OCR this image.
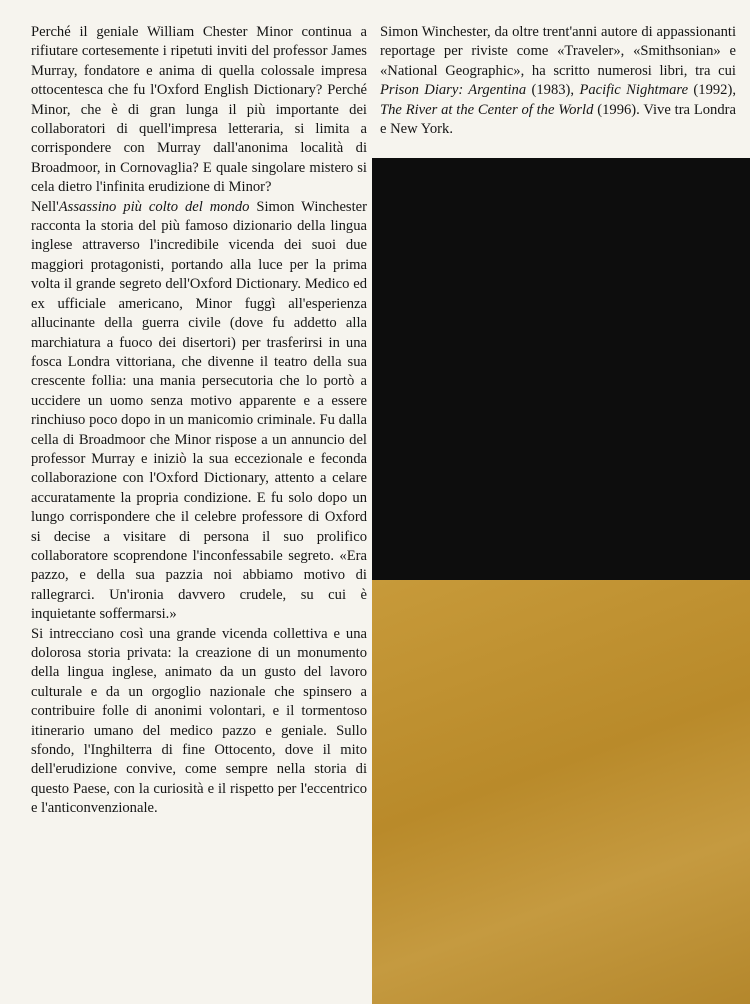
Perché il geniale William Chester Minor continua a rifiutare cortesemente i ripetuti inviti del professor James Murray, fondatore e anima di quella colossale impresa ottocentesca che fu l'Oxford English Dictionary? Perché Minor, che è di gran lunga il più importante dei collaboratori di quell'impresa letteraria, si limita a corrispondere con Murray dall'anonima località di Broadmoor, in Cornovaglia? E quale singolare mistero si cela dietro l'infinita erudizione di Minor?

Nell'Assassino più colto del mondo Simon Winchester racconta la storia del più famoso dizionario della lingua inglese attraverso l'incredibile vicenda dei suoi due maggiori protagonisti, portando alla luce per la prima volta il grande segreto dell'Oxford Dictionary. Medico ed ex ufficiale americano, Minor fuggì all'esperienza allucinante della guerra civile (dove fu addetto alla marchiatura a fuoco dei disertori) per trasferirsi in una fosca Londra vittoriana, che divenne il teatro della sua crescente follia: una mania persecutoria che lo portò a uccidere un uomo senza motivo apparente e a essere rinchiuso poco dopo in un manicomio criminale. Fu dalla cella di Broadmoor che Minor rispose a un annuncio del professor Murray e iniziò la sua eccezionale e feconda collaborazione con l'Oxford Dictionary, attento a celare accuratamente la propria condizione. E fu solo dopo un lungo corrispondere che il celebre professore di Oxford si decise a visitare di persona il suo prolifico collaboratore scoprendone l'inconfessabile segreto. «Era pazzo, e della sua pazzia noi abbiamo motivo di rallegrarci. Un'ironia davvero crudele, su cui è inquietante soffermarsi.»

Si intrecciano così una grande vicenda collettiva e una dolorosa storia privata: la creazione di un monumento della lingua inglese, animato da un gusto del lavoro culturale e da un orgoglio nazionale che spinsero a contribuire folle di anonimi volontari, e il tormentoso itinerario umano del medico pazzo e geniale. Sullo sfondo, l'Inghilterra di fine Ottocento, dove il mito dell'erudizione convive, come sempre nella storia di questo Paese, con la curiosità e il rispetto per l'eccentrico e l'anticonvenzionale.

Simon Winchester, da oltre trent'anni autore di appassionanti reportage per riviste come «Traveler», «Smithsonian» e «National Geographic», ha scritto numerosi libri, tra cui Prison Diary: Argentina (1983), Pacific Nightmare (1992), The River at the Center of the World (1996). Vive tra Londra e New York.
